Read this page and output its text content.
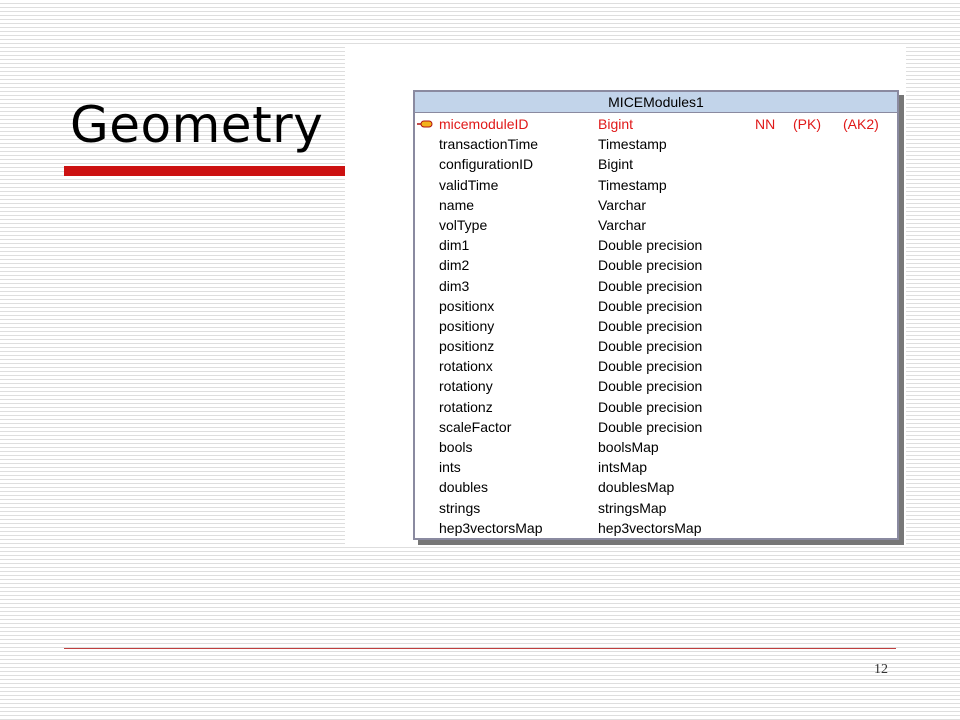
Geometry	MICEModules1
micemoduleID	Bigint	NN (PK) (AK2)
transactionTime	Timestamp
configurationID	Bigint
validTime	Timestamp
name	Varchar
volType	Varchar
dim1	Double precision
dim2	Double precision
dim3	Double precision
positionx	Double precision
positiony	Double precision
positionz	Double precision
rotationx	Double precision
rotationy	Double precision
rotationz	Double precision
scaleFactor	Double precision
bools	boolsMap
ints	intsMap
doubles	doublesMap
strings	stringsMap
hep3vectorsMap	hep3vectorsMap
12
